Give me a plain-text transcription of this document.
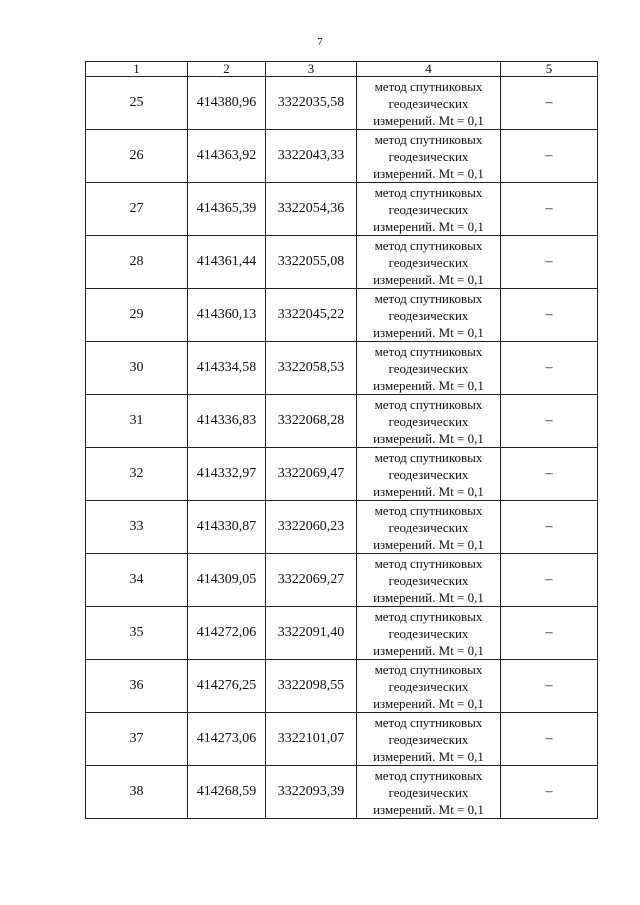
7
1	2	3	4	5
25	414380,96	3322035,58	метод спутниковых
геодезических
измерений. Mt = 0,1	–
26	414363,92	3322043,33	метод спутниковых
геодезических
измерений. Mt = 0,1	–
27	414365,39	3322054,36	метод спутниковых
геодезических
измерений. Mt = 0,1	–
28	414361,44	3322055,08	метод спутниковых
геодезических
измерений. Mt = 0,1	–
29	414360,13	3322045,22	метод спутниковых
геодезических
измерений. Mt = 0,1	–
30	414334,58	3322058,53	метод спутниковых
геодезических
измерений. Mt = 0,1	–
31	414336,83	3322068,28	метод спутниковых
геодезических
измерений. Mt = 0,1	–
32	414332,97	3322069,47	метод спутниковых
геодезических
измерений. Mt = 0,1	–
33	414330,87	3322060,23	метод спутниковых
геодезических
измерений. Mt = 0,1	–
34	414309,05	3322069,27	метод спутниковых
геодезических
измерений. Mt = 0,1	–
35	414272,06	3322091,40	метод спутниковых
геодезических
измерений. Mt = 0,1	–
36	414276,25	3322098,55	метод спутниковых
геодезических
измерений. Mt = 0,1	–
37	414273,06	3322101,07	метод спутниковых
геодезических
измерений. Mt = 0,1	–
38	414268,59	3322093,39	метод спутниковых
геодезических
измерений. Mt = 0,1	–
